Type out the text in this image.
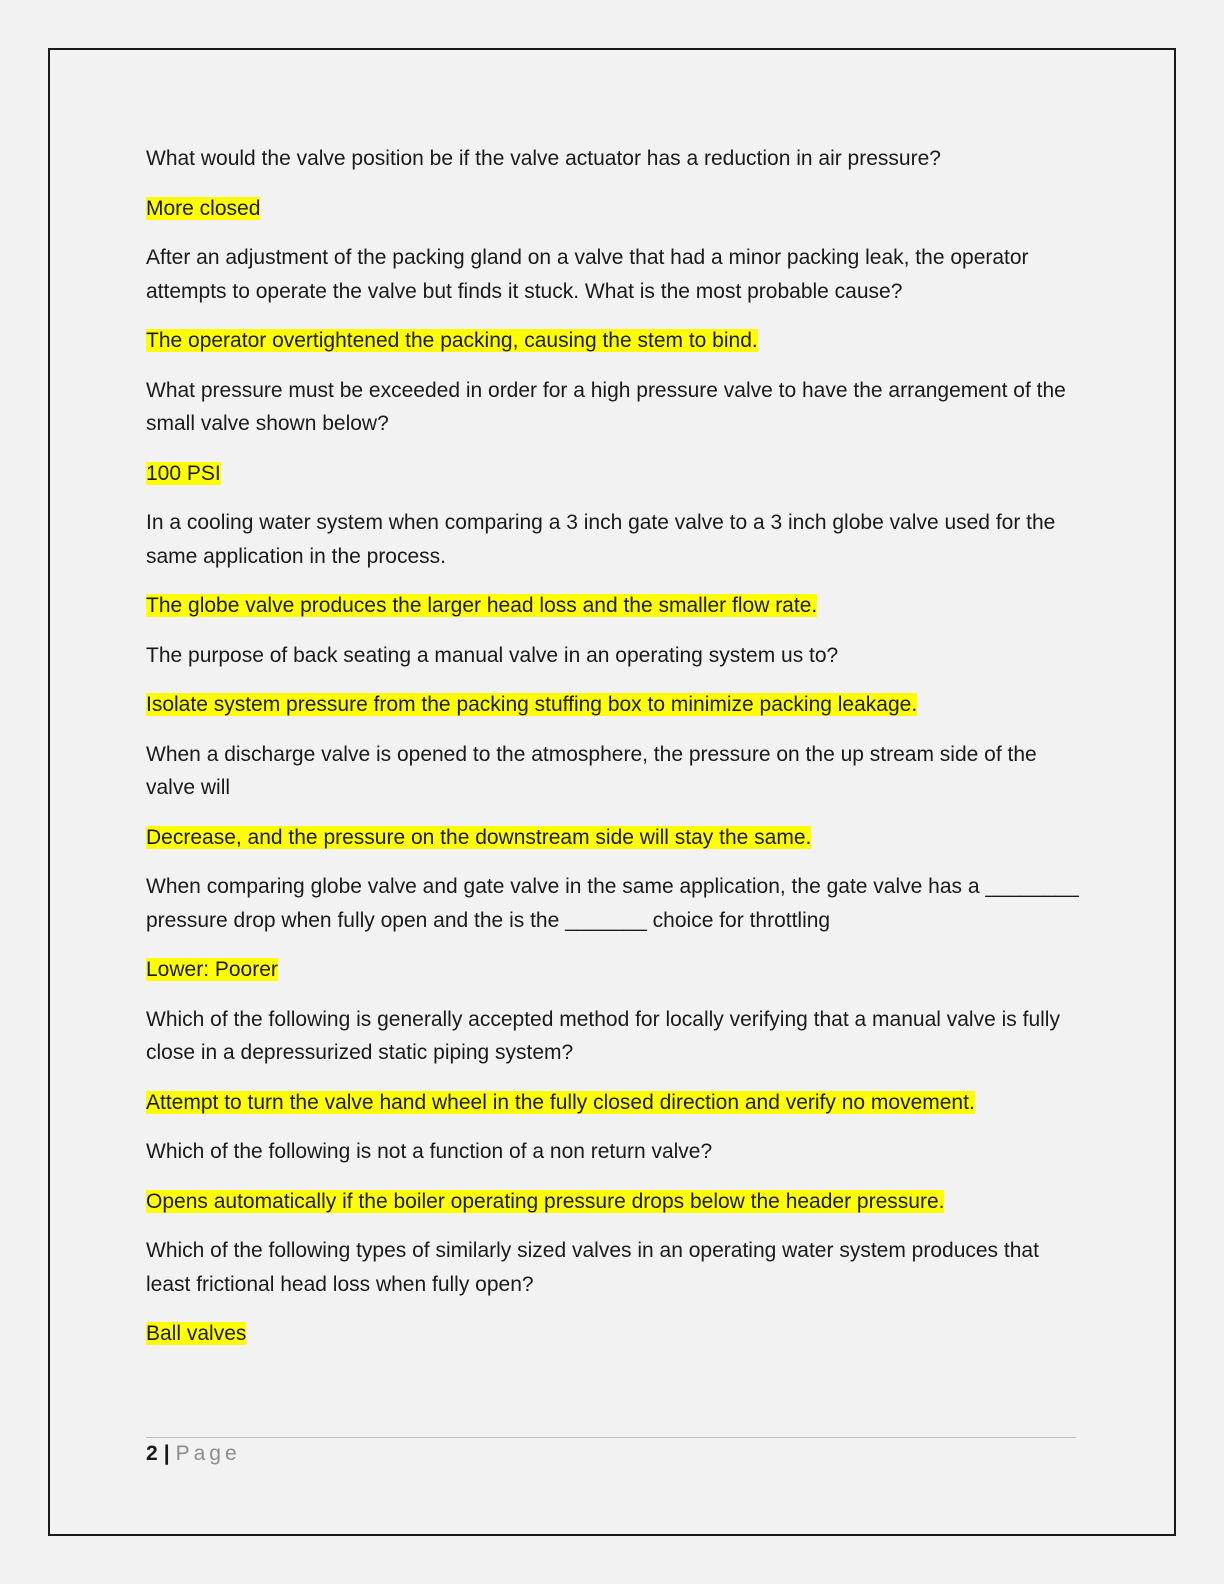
What would the valve position be if the valve actuator has a reduction in air pressure?

More closed

After an adjustment of the packing gland on a valve that had a minor packing leak, the operator attempts to operate the valve but finds it stuck. What is the most probable cause?

The operator overtightened the packing, causing the stem to bind.

What pressure must be exceeded in order for a high pressure valve to have the arrangement of the small valve shown below?

100 PSI

In a cooling water system when comparing a 3 inch gate valve to a 3 inch globe valve used for the same application in the process.

The globe valve produces the larger head loss and the smaller flow rate.

The purpose of back seating a manual valve in an operating system us to?

Isolate system pressure from the packing stuffing box to minimize packing leakage.

When a discharge valve is opened to the atmosphere, the pressure on the up stream side of the valve will

Decrease, and the pressure on the downstream side will stay the same.

When comparing globe valve and gate valve in the same application, the gate valve has a ________ pressure drop when fully open and the is the _______ choice for throttling

Lower: Poorer

Which of the following is generally accepted method for locally verifying that a manual valve is fully close in a depressurized static piping system?

Attempt to turn the valve hand wheel in the fully closed direction and verify no movement.

Which of the following is not a function of a non return valve?

Opens automatically if the boiler operating pressure drops below the header pressure.

Which of the following types of similarly sized valves in an operating water system produces that least frictional head loss when fully open?

Ball valves

2 | Page
